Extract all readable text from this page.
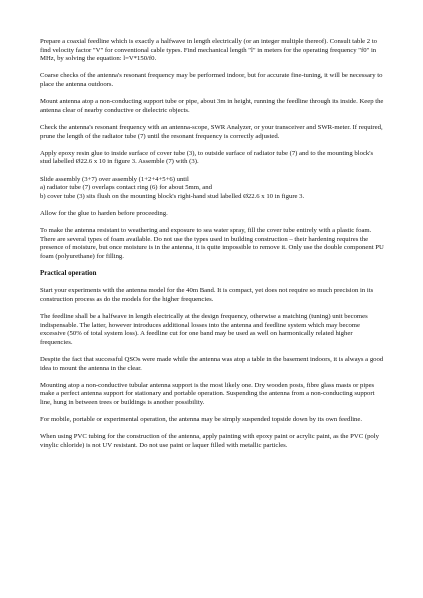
Prepare a coaxial feedline which is exactly a halfwave in length electrically (or an integer multiple thereof). Consult table 2 to find velocity factor "V" for conventional cable types. Find mechanical length "l" in meters for the operating frequency "f0" in MHz, by solving the equation: l=V*150/f0.

Coarse checks of the antenna's resonant frequency may be performed indoor, but for accurate fine-tuning, it will be necessary to place the antenna outdoors.

Mount antenna atop a non-conducting support tube or pipe, about 3m in height, running the feedline through its inside. Keep the antenna clear of nearby conductive or dielectric objects.

Check the antenna's resonant frequency with an antenna-scope, SWR Analyzer, or your transceiver and SWR-meter. If required, prune the length of the radiator tube (7) until the resonant frequency is correctly adjusted.

Apply epoxy resin glue to inside surface of cover tube (3), to outside surface of radiator tube (7) and to the mounting block's stud labelled Ø22.6 x 10 in figure 3. Assemble (7) with (3).

Slide assembly (3+7) over assembly (1+2+4+5+6) until
a) radiator tube (7) overlaps contact ring (6) for about 5mm, and
b) cover tube (3) sits flush on the mounting block's right-hand stud labelled Ø22.6 x 10 in figure 3.

Allow for the glue to harden before proceeding.

To make the antenna resistant to weathering and exposure to sea water spray, fill the cover tube entirely with a plastic foam. There are several types of foam available. Do not use the types used in building construction – their hardening requires the presence of moisture, but once moisture is in the antenna, it is quite impossible to remove it. Only use the double component PU foam (polyurethane) for filling.

Practical operation

Start your experiments with the antenna model for the 40m Band. It is compact, yet does not require so much precision in its construction process as do the models for the higher frequencies.

The feedline shall be a halfwave in length electrically at the design frequency, otherwise a matching (tuning) unit becomes indispensable. The latter, however introduces additional losses into the antenna and feedline system which may become excessive (50% of total system loss). A feedline cut for one band may be used as well on harmonically related higher frequencies.

Despite the fact that successful QSOs were made while the antenna was atop a table in the basement indoors, it is always a good idea to mount the antenna in the clear.

Mounting atop a non-conductive tubular antenna support is the most likely one. Dry wooden posts, fibre glass masts or pipes make a perfect antenna support for stationary and portable operation. Suspending the antenna from a non-conducting support line, hung in between trees or buildings is another possibility.

For mobile, portable or experimental operation, the antenna may be simply suspended topside down by its own feedline.

When using PVC tubing for the construction of the antenna, apply painting with epoxy paint or acrylic paint, as the PVC (poly vinylic chloride) is not UV resistant. Do not use paint or laquer filled with metallic particles.
